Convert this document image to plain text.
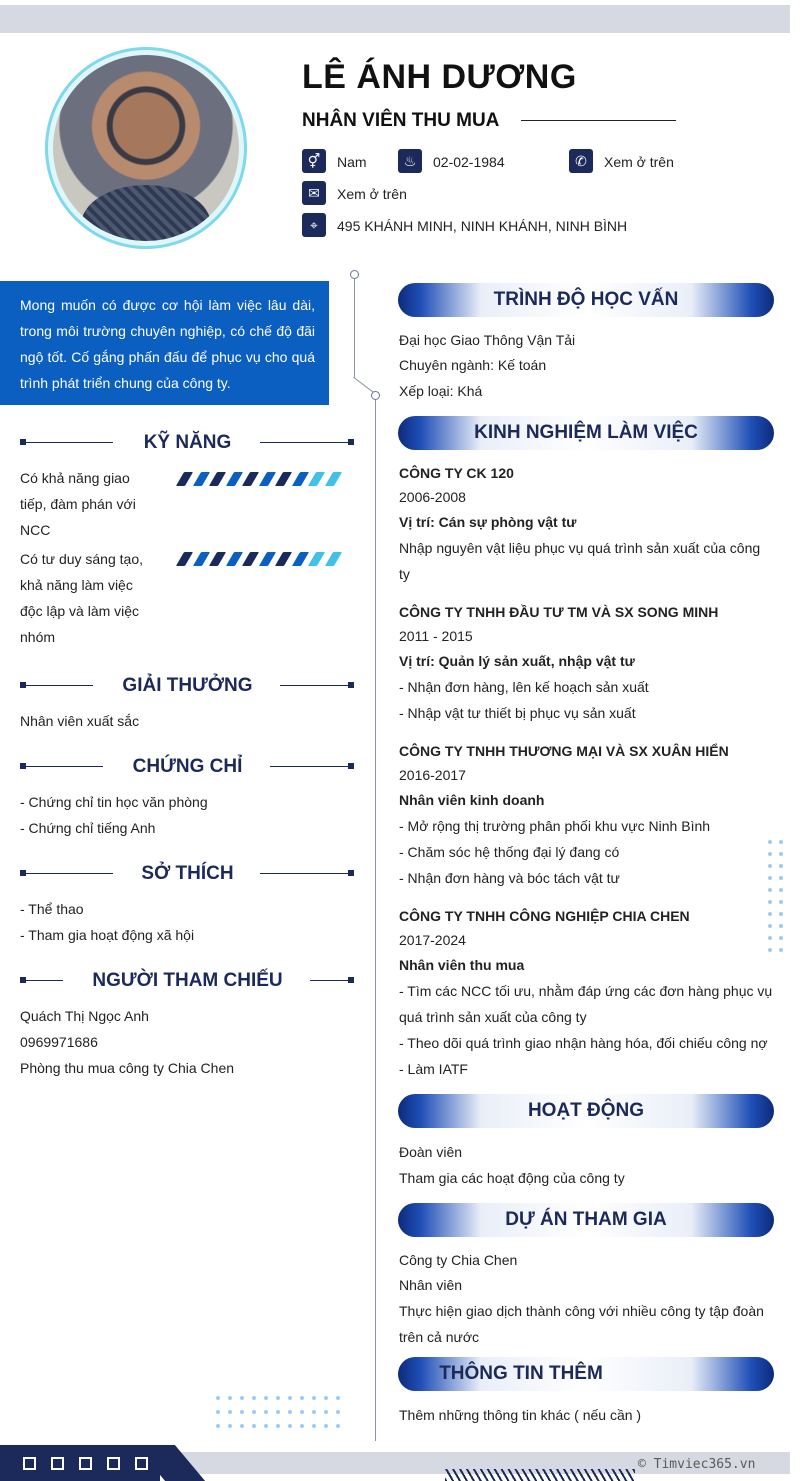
LÊ ÁNH DƯƠNG
NHÂN VIÊN THU MUA
⚥	Nam	♨	02-02-1984	✆	Xem ở trên
✉	Xem ở trên
⌖	495 KHÁNH MINH, NINH KHÁNH, NINH BÌNH

Mong muốn có được cơ hội làm việc lâu dài, trong môi trường chuyên nghiệp, có chế độ đãi ngộ tốt. Cố gắng phấn đấu để phục vụ cho quá trình phát triển chung của công ty.

KỸ NĂNG
Có khả năng giao
tiếp, đàm phán với
NCC
Có tư duy sáng tạo,
khả năng làm việc
độc lập và làm việc
nhóm
GIẢI THƯỞNG
Nhân viên xuất sắc
CHỨNG CHỈ
- Chứng chỉ tin học văn phòng
- Chứng chỉ tiếng Anh
SỞ THÍCH
- Thể thao
- Tham gia hoạt động xã hội
NGƯỜI THAM CHIẾU
Quách Thị Ngọc Anh
0969971686
Phòng thu mua công ty Chia Chen
TRÌNH ĐỘ HỌC VẤN
Đại học Giao Thông Vận Tải
Chuyên ngành: Kế toán
Xếp loại: Khá
KINH NGHIỆM LÀM VIỆC
CÔNG TY CK 120
2006-2008
Vị trí: Cán sự phòng vật tư
Nhập nguyên vật liệu phục vụ quá trình sản xuất của công
ty
CÔNG TY TNHH ĐẦU TƯ TM VÀ SX SONG MINH
2011 - 2015
Vị trí: Quản lý sản xuất, nhập vật tư
- Nhận đơn hàng, lên kế hoạch sản xuất
- Nhập vật tư thiết bị phục vụ sản xuất
CÔNG TY TNHH THƯƠNG MẠI VÀ SX XUÂN HIỂN
2016-2017
Nhân viên kinh doanh
- Mở rộng thị trường phân phối khu vực Ninh Bình
- Chăm sóc hệ thống đại lý đang có
- Nhận đơn hàng và bóc tách vật tư
CÔNG TY TNHH CÔNG NGHIỆP CHIA CHEN
2017-2024
Nhân viên thu mua
- Tìm các NCC tối ưu, nhằm đáp ứng các đơn hàng phục vụ
quá trình sản xuất của công ty
- Theo dõi quá trình giao nhận hàng hóa, đối chiếu công nợ
- Làm IATF
HOẠT ĐỘNG
Đoàn viên
Tham gia các hoạt động của công ty
DỰ ÁN THAM GIA
Công ty Chia Chen
Nhân viên
Thực hiện giao dịch thành công với nhiều công ty tập đoàn
trên cả nước
THÔNG TIN THÊM
Thêm những thông tin khác ( nếu cần )
© Timviec365.vn
